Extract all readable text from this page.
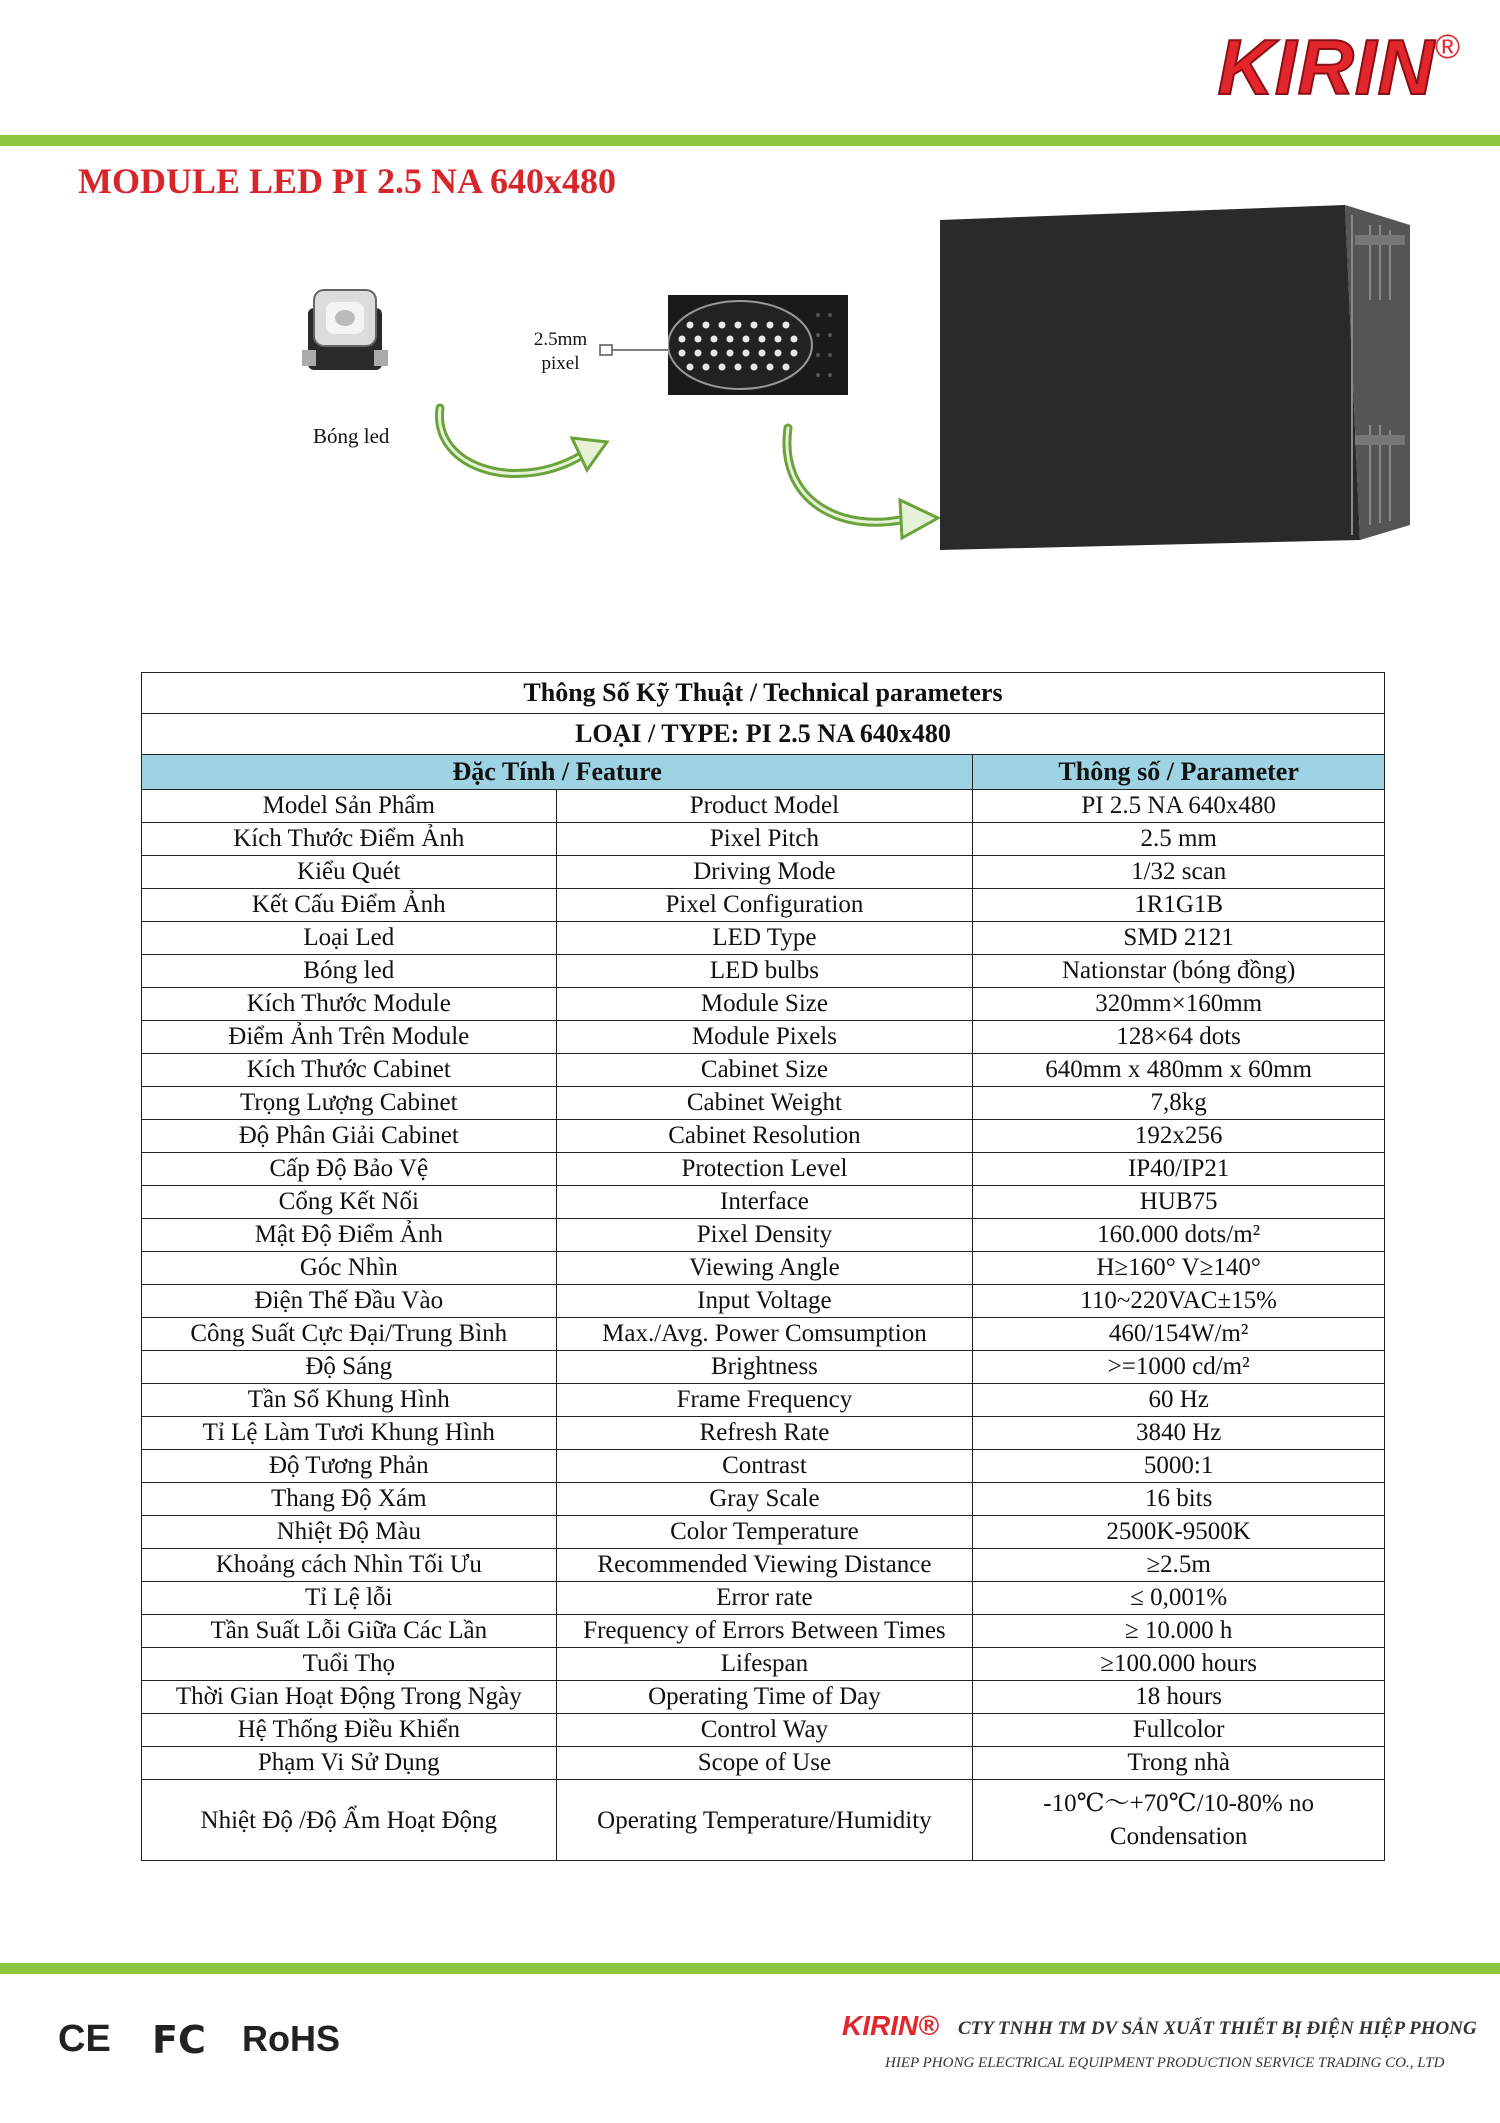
KIRIN®
MODULE LED PI 2.5 NA 640x480
Bóng led
2.5mm
pixel
Thông Số Kỹ Thuật / Technical parameters		
LOẠI / TYPE: PI 2.5 NA 640x480		
Đặc Tính / Feature		Thông số / Parameter
Model Sản Phẩm	Product Model	PI 2.5 NA 640x480
Kích Thước Điểm Ảnh	Pixel Pitch	2.5 mm
Kiểu Quét	Driving Mode	1/32 scan
Kết Cấu Điểm Ảnh	Pixel Configuration	1R1G1B
Loại Led	LED Type	SMD 2121
Bóng led	LED bulbs	Nationstar (bóng đồng)
Kích Thước Module	Module Size	320mm×160mm
Điểm Ảnh Trên Module	Module Pixels	128×64 dots
Kích Thước Cabinet	Cabinet Size	640mm x 480mm x 60mm
Trọng Lượng Cabinet	Cabinet Weight	7,8kg
Độ Phân Giải Cabinet	Cabinet Resolution	192x256
Cấp Độ Bảo Vệ	Protection Level	IP40/IP21
Cổng Kết Nối	Interface	HUB75
Mật Độ Điểm Ảnh	Pixel Density	160.000 dots/m²
Góc Nhìn	Viewing Angle	H≥160° V≥140°
Điện Thế Đầu Vào	Input Voltage	110~220VAC±15%
Công Suất Cực Đại/Trung Bình	Max./Avg. Power Comsumption	460/154W/m²
Độ Sáng	Brightness	>=1000 cd/m²
Tần Số Khung Hình	Frame Frequency	60 Hz
Tỉ Lệ Làm Tươi Khung Hình	Refresh Rate	3840 Hz
Độ Tương Phản	Contrast	5000:1
Thang Độ Xám	Gray Scale	16 bits
Nhiệt Độ Màu	Color Temperature	2500K-9500K
Khoảng cách Nhìn Tối Ưu	Recommended Viewing Distance	≥2.5m
Tỉ Lệ lỗi	Error rate	≤ 0,001%
Tần Suất Lỗi Giữa Các Lần	Frequency of Errors Between Times	≥ 10.000 h
Tuổi Thọ	Lifespan	≥100.000 hours
Thời Gian Hoạt Động Trong Ngày	Operating Time of Day	18 hours
Hệ Thống Điều Khiển	Control Way	Fullcolor
Phạm Vi Sử Dụng	Scope of Use	Trong nhà
Nhiệt Độ /Độ Ẩm Hoạt Động	Operating Temperature/Humidity	-10℃～+70℃/10-80% no
Condensation
CE FC RoHS	KIRIN® CTY TNHH TM DV SẢN XUẤT THIẾT BỊ ĐIỆN HIỆP PHONG
HIEP PHONG ELECTRICAL EQUIPMENT PRODUCTION SERVICE TRADING CO., LTD
